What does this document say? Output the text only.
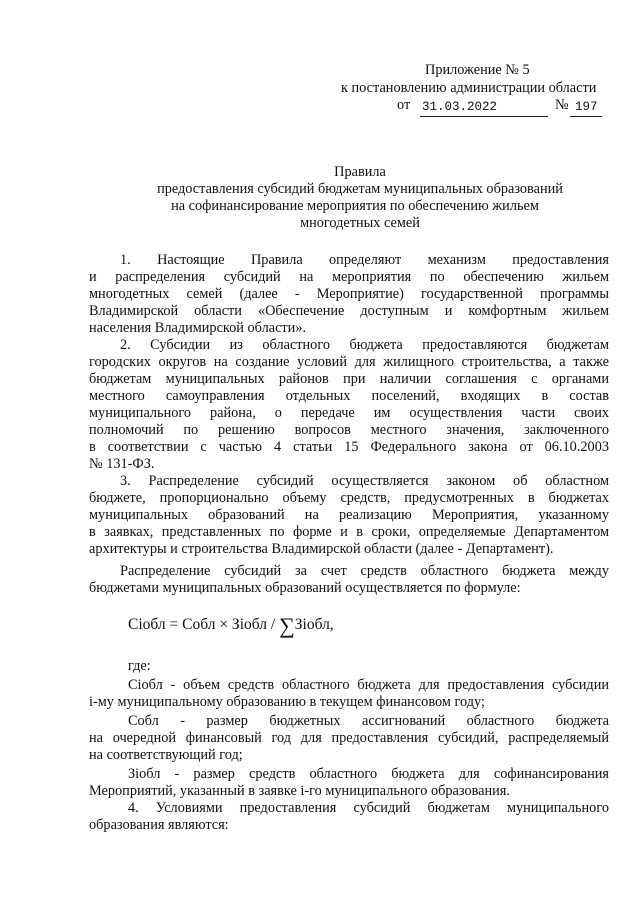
Приложение № 5
к постановлению администрации области
от 31.03.2022	№ 197
Правила
предоставления субсидий бюджетам муниципальных образований
на софинансирование мероприятия по обеспечению жильем
многодетных семей
1. Настоящие Правила определяют механизм предоставления
и распределения субсидий на мероприятия по обеспечению жильем
многодетных семей (далее - Мероприятие) государственной программы
Владимирской области «Обеспечение доступным и комфортным жильем
населения Владимирской области».
2. Субсидии из областного бюджета предоставляются бюджетам
городских округов на создание условий для жилищного строительства, а также
бюджетам муниципальных районов при наличии соглашения с органами
местного самоуправления отдельных поселений, входящих в состав
муниципального района, о передаче им осуществления части своих
полномочий по решению вопросов местного значения, заключенного
в соответствии с частью 4 статьи 15 Федерального закона от 06.10.2003
№ 131-ФЗ.
3. Распределение субсидий осуществляется законом об областном
бюджете, пропорционально объему средств, предусмотренных в бюджетах
муниципальных образований на реализацию Мероприятия, указанному
в заявках, представленных по форме и в сроки, определяемые Департаментом
архитектуры и строительства Владимирской области (далее - Департамент).
Распределение субсидий за счет средств областного бюджета между
бюджетами муниципальных образований осуществляется по формуле:
Сiобл = Собл × Зiобл / ∑Зiобл,
где:
Сiобл - объем средств областного бюджета для предоставления субсидии
i-му муниципальному образованию в текущем финансовом году;
Собл - размер бюджетных ассигнований областного бюджета
на очередной финансовый год для предоставления субсидий, распределяемый
на соответствующий год;
Зiобл - размер средств областного бюджета для софинансирования
Мероприятий, указанный в заявке i-го муниципального образования.
4. Условиями предоставления субсидий бюджетам муниципального
образования являются:
